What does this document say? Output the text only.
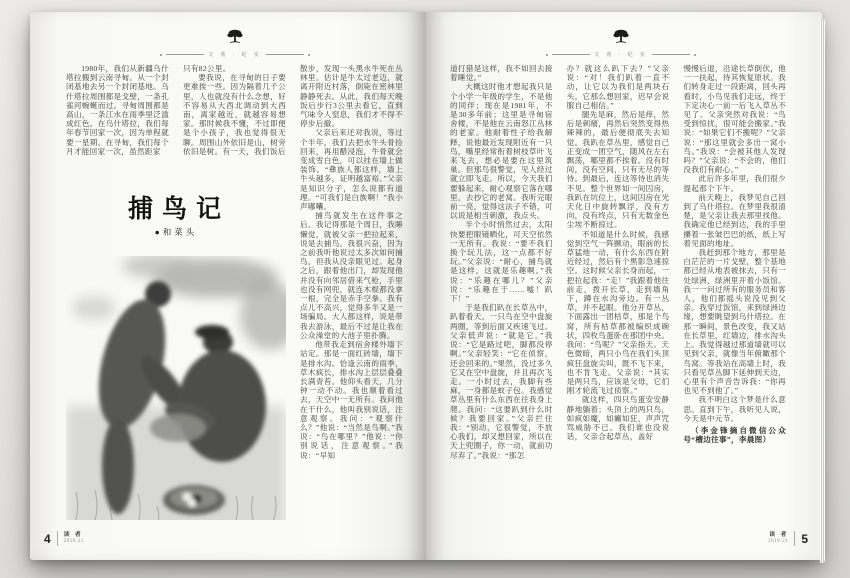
文 苑 · 纪 实

1980年，我们从新疆乌什塔拉搬到云南寻甸。从一个封闭基地去另一个封闭基地。乌什塔拉周围都是戈壁，一条孔雀河蜿蜒而过。寻甸周围都是高山，一条江水在雨季里泛滥成红色。在乌什塔拉，我们每年春节回家一次，因为单程就要一星期。在寻甸，我们每个月才能回家一次，虽然距家

只有82公里。

要我说，在寻甸的日子要更难挨一些。因为隔着几千公里，人也就没有什么念想，好不容易从大西北调动到大西南，离家越近，就越容易想家。那时候我不懂，不过即便是个小孩子，我也觉得很无聊。周围山外依旧是山，树旁依旧是树。有一天，我们饭后

捕鸟记
●和菜头

散步，发现一头黑水牛死在丛林里。估计是牛太过老迈，就离开附近村落，倒毙在密林里静静死去。从此，我们每天晚饭后步行3公里去看它，直到气味令人窒息，我们才不得不停步后撤。

父亲后来还对我说，等过个半年，我们去把水牛头骨捡回来，再用醋浸泡，牛骨就会变成雪白色，可以挂在墙上做装饰。“彝族人都这样，墙上牛头越多，证明越富裕。”父亲是知识分子，怎么说都有道理。“可我们是白族啊！”我小声嘟囔。

捕鸟就发生在这件事之后。我记得那是个周日，我睡懒觉，就被父亲一把拉起来，说是去捕鸟。我很兴奋，因为之前我听他说过太多次如何捕鸟，但我从没亲眼见过。起身之后，跟着他出门，却发现他并没有向邻居借来气枪，手里也没有网兜，就连木棍都没拿一根，完全是赤手空拳。我有点儿不高兴，觉得多半又是一场骗局。大人都这样，说是带我去游泳，最后不过是让我在公众澡堂的大池子里扑腾。

他带我走到宿舍楼外墙下站定。那是一面红砖墙，墙下是排水沟。恰逢云南的雨季，草木疯长，排水沟上层层叠叠长满青苔。他仰头看天，几分钟一动不动。我也顺着看过去，天空中一无所有。我问他在干什么，他叫我别说话，注意观察。我问：“观察什么？”他说：“当然是鸟啊。”我说：“鸟在哪里？”他说：“你别说话，注意观察。”我说：“早知

4 读 者
2019·21
文 苑 · 纪 实

道打猎是这样，我不如回去接着睡觉。”

大概这时他才想起我只是个小学一年级的学生，不是他的同伴；现在是1981年，不是30多年前；这里是寻甸宿舍楼，不是他在云南怒江丛林的老家。他耐着性子给我解释，说他最近发现附近有一只鸟，嘴里经常衔着树枝草叶飞来飞去，想必是要在这里筑巢。但那鸟很警觉，见人经过就立即飞走。所以，今天我们要躲起来，耐心观察它落在哪里，去抄它的老窝。我听完眼前一亮，觉得这法子不错，可以说是相当刺激，我点头。

半个小时悄然过去，太阳快要把眼镜晒化，可天空依然一无所有。我说：“要不我们换个玩儿法，这一点都不好玩。”父亲说：“耐心，捕鸟就是这样，这就是乐趣啊。”我说：“乐趣在哪儿？”父亲说：“乐趣在于……嘘！趴下！”

于是我们趴在长草丛中，趴着看天。一只鸟在空中盘旋两圈，等到后面又疾速飞过。父亲低声说：“就是它。”我说：“它是路过吧，脚都没停啊。”父亲轻笑：“它在侦察，还会回来的。”果然，没过多久它又在空中盘旋，并且再次飞走。一小时过去，我脚有些麻，一身都是蚊子包。我感觉草丛里有什么东西在往我身上爬。我问：“这要趴到什么时候？我要回家。”父亲拦住我：“别动，它很警觉，不放心我们，却又想回家，所以在天上兜圈子，你一动，就前功尽弃了。”我说：“那怎

办？就这么趴下去？”父亲说：“对！我们趴着一直不动，让它以为我们是两块石头。它那么想回家，迟早会说服自己相信。”

腿先是麻，然后是痒，然后是刺痛，再然后突然变得热辣辣的，最后便彻底失去知觉。我趴在草丛里，感觉自己正变成一团空气，随风在左右飘荡，哪里都不挨着。没有时间，没有空间，只有无尽的等待。到最后，连这等待也消失不见。整个世界如一间囚房，我趴在坑位上，这间囚房在光天化日中旋转飘浮，没有方向，没有终点，只有无数金色尘埃不断掠过。

不知道是什么时候，我感觉到空气一阵颤动，眼前的长草猛地一动，有什么东西在附近经过，然后有个黑影急速掠空。这时候父亲长身而起，一把拉起我：“走！”我跟着他往前走，拨开长草，走到墙角下，蹲在水沟旁边。有一丛草，并不起眼。他分开草丛，下面露出一团枯草，那是个鸟窝，所有枯草都被编织成碗状，四枚鸟蛋卧在那团中央。我问：“鸟呢？”父亲指天。天色微暗，两只小鸟在我们头顶疯狂盘旋尖叫，既不飞下来，也不肯飞走。父亲说：“其实是两只鸟，应该是父母，它们刚才轮流飞过侦察。”

就这样，四只鸟蛋安安静静地躺着；头顶上的两只鸟，如疯如魔，如癫如狂，声声咒骂威胁不已。我们谁也没说话，父亲合起草丛，盖好

慢慢后退，沿途长草倒伏，他一一扶起，待其恢复原状。我们转身走过一段距离，回头再看时，小鸟见我们走远，终于下定决心一前一后飞入草丛不见了。父亲突然对我说：“鸟受到惊扰，很可能会搬家。”我说：“如果它们不搬呢？”父亲说：“那这里就会多出一窝小鸟。”我说：“会被其他人发现吗？”父亲说：“不会的，他们没我们有耐心。”

此后许多年里，我们很少提起那个下午。

前天晚上，我梦见自己回到了乌什塔拉。在梦里我很清楚，是父亲让我去那里找他。我确定他已经到达，我的手里攥着一张皱巴巴的纸，纸上写着见面的地址。

我赶到那个地方，那里是白茫茫的一片戈壁，整个基地都已经从地表被抹去，只有一处绿洲，绿洲里开着小饭馆。我一一问过所有的服务员和客人，他们都摇头说没见到父亲。我穿过饭馆，来到绿洲边缘，想要眺望到乌什塔拉。在那一瞬间，景色改变，我又站在长草里，红墙边，排水沟头上。我觉得越过那道墙就可以见到父亲，就像当年俯瞰那个鸟窝。等我站在高墙上时，我只看见草丛脚下延伸到天边，心里有个声音告诉我：“你再也见不到他了。”

我不明白这个梦是什么意思。直到下午，我听见人说，今天是中元节。

（李金锋摘自微信公众号“槽边往事”，李晨图）

5
读 者
2019·21
